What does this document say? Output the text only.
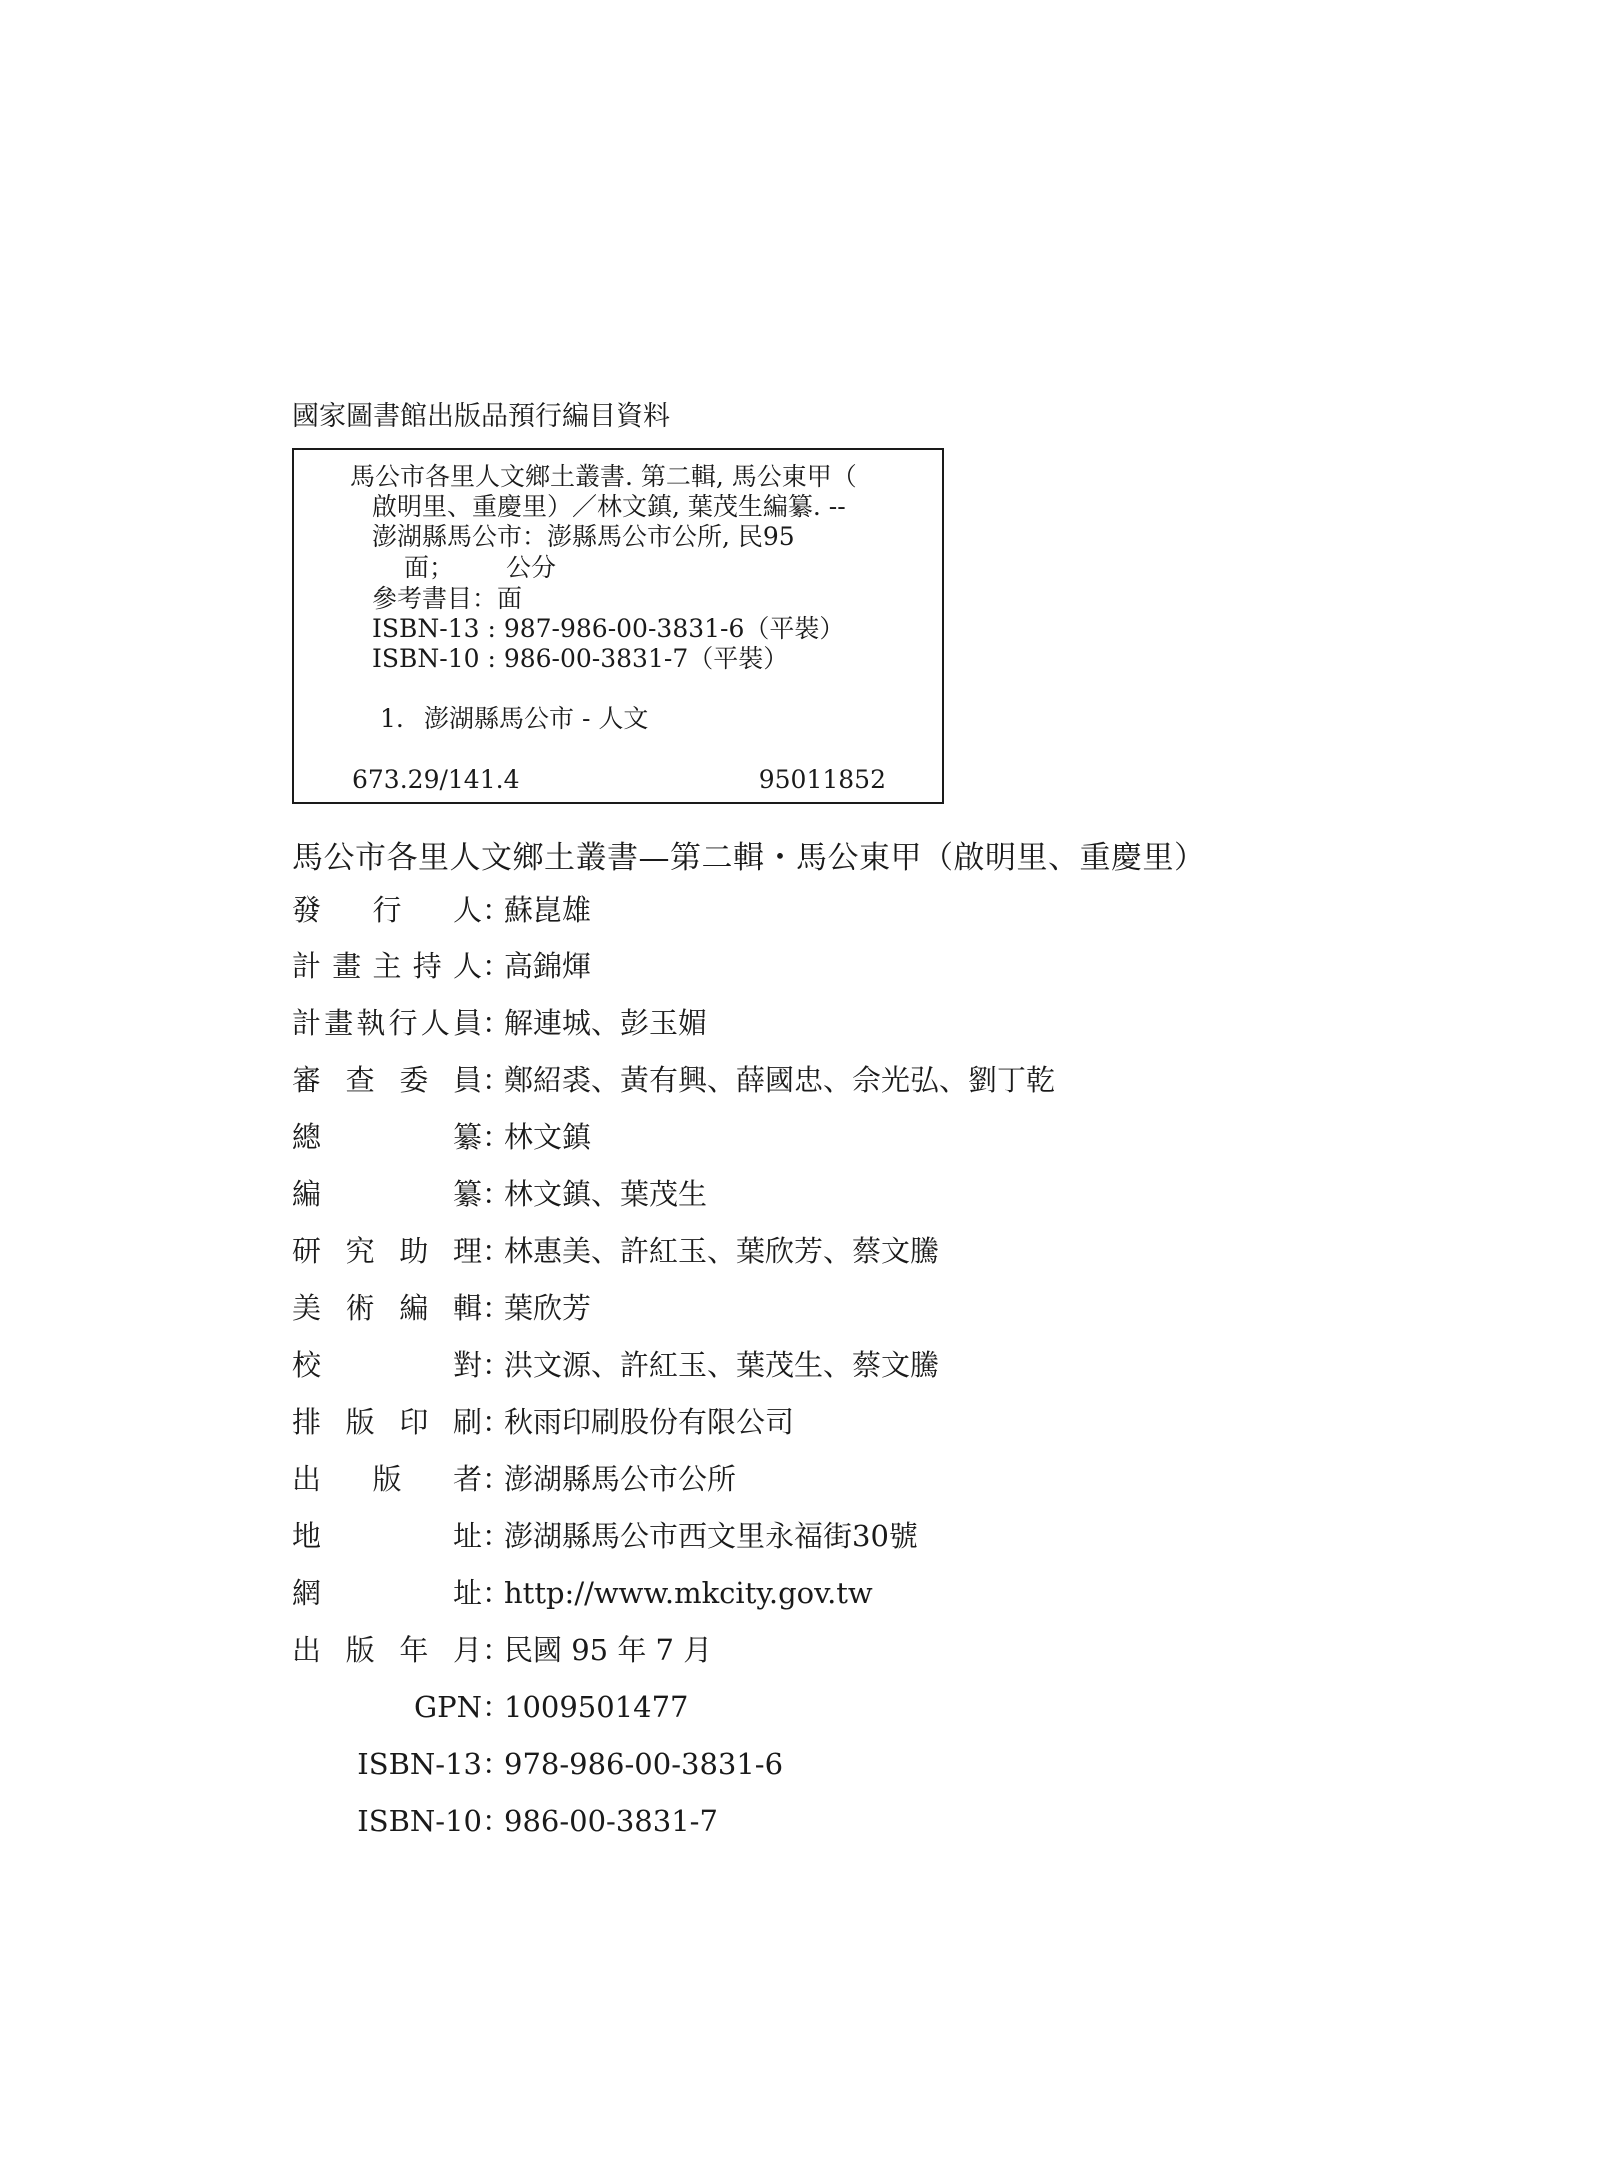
國家圖書館出版品預行編目資料
馬公市各里人文鄉土叢書. 第二輯, 馬公東甲（
啟明里、重慶里）／林文鎮, 葉茂生編纂. --
澎湖縣馬公市：澎縣馬公市公所, 民95
面； 公分
參考書目：面
ISBN-13 : 987-986-00-3831-6（平裝）
ISBN-10 : 986-00-3831-7（平裝）
1. 澎湖縣馬公市 - 人文
673.29/141.4	95011852
馬公市各里人文鄉土叢書—第二輯・馬公東甲（啟明里、重慶里）
發行人 ：
蘇崑雄
計畫主持人 ：
高錦煇
計畫執行人員 ：
解連城、彭玉媚
審查委員 ：
鄭紹裘、黃有興、薛國忠、佘光弘、劉丁乾
總纂 ：
林文鎮
編纂 ：
林文鎮、葉茂生
研究助理 ：
林惠美、許紅玉、葉欣芳、蔡文騰
美術編輯 ：
葉欣芳
校對 ：
洪文源、許紅玉、葉茂生、蔡文騰
排版印刷 ：
秋雨印刷股份有限公司
出版者 ：
澎湖縣馬公市公所
地址 ：
澎湖縣馬公市西文里永福街30號
網址 ：
http://www.mkcity.gov.tw
出版年月 ：
民國 95 年 7 月
GPN ：
1009501477
ISBN-13 ：
978-986-00-3831-6
ISBN-10 ：
986-00-3831-7
